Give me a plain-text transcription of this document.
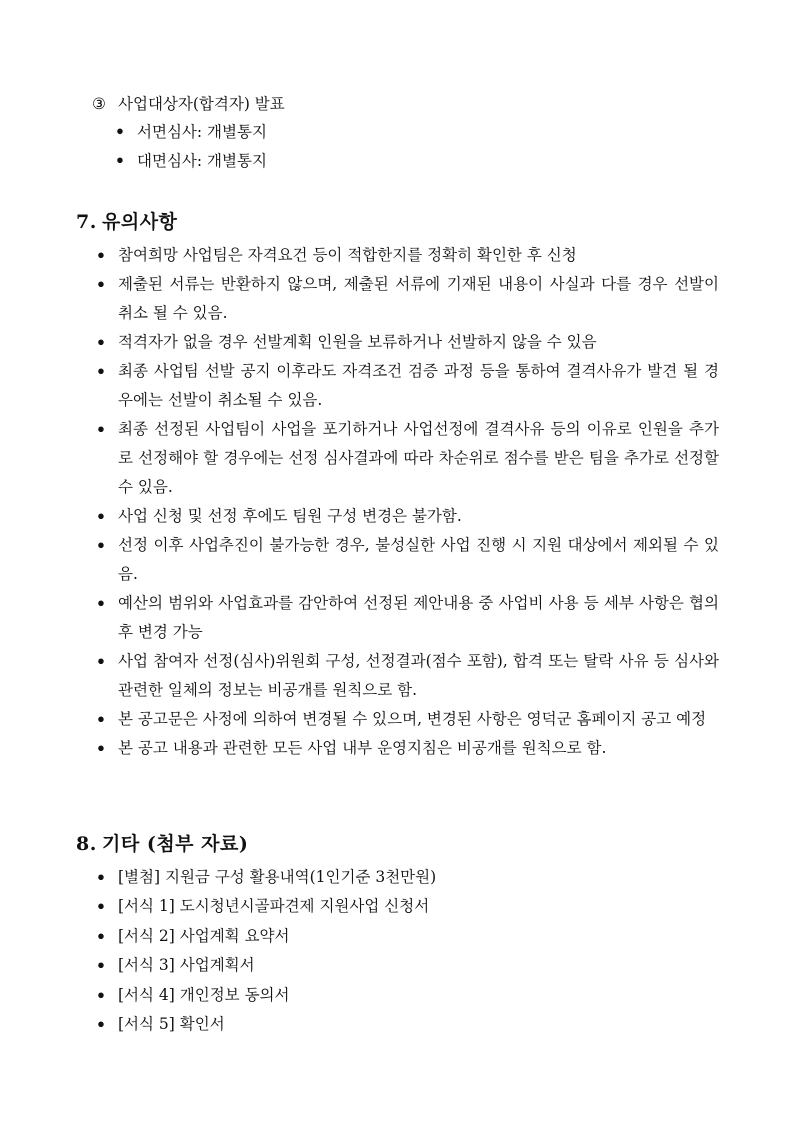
③ 사업대상자(합격자) 발표
• 서면심사: 개별통지
• 대면심사: 개별통지
7. 유의사항
• 참여희망 사업팀은 자격요건 등이 적합한지를 정확히 확인한 후 신청
• 제출된 서류는 반환하지 않으며, 제출된 서류에 기재된 내용이 사실과 다를 경우 선발이 취소 될 수 있음.
• 적격자가 없을 경우 선발계획 인원을 보류하거나 선발하지 않을 수 있음
• 최종 사업팀 선발 공지 이후라도 자격조건 검증 과정 등을 통하여 결격사유가 발견 될 경우에는 선발이 취소될 수 있음.
• 최종 선정된 사업팀이 사업을 포기하거나 사업선정에 결격사유 등의 이유로 인원을 추가로 선정해야 할 경우에는 선정 심사결과에 따라 차순위로 점수를 받은 팀을 추가로 선정할 수 있음.
• 사업 신청 및 선정 후에도 팀원 구성 변경은 불가함.
• 선정 이후 사업추진이 불가능한 경우, 불성실한 사업 진행 시 지원 대상에서 제외될 수 있음.
• 예산의 범위와 사업효과를 감안하여 선정된 제안내용 중 사업비 사용 등 세부 사항은 협의 후 변경 가능
• 사업 참여자 선정(심사)위원회 구성, 선정결과(점수 포함), 합격 또는 탈락 사유 등 심사와 관련한 일체의 정보는 비공개를 원칙으로 함.
• 본 공고문은 사정에 의하여 변경될 수 있으며, 변경된 사항은 영덕군 홈페이지 공고 예정
• 본 공고 내용과 관련한 모든 사업 내부 운영지침은 비공개를 원칙으로 함.
8. 기타 (첨부 자료)
• [별첨] 지원금 구성 활용내역(1인기준 3천만원)
• [서식 1] 도시청년시골파견제 지원사업 신청서
• [서식 2] 사업계획 요약서
• [서식 3] 사업계획서
• [서식 4] 개인정보 동의서
• [서식 5] 확인서
